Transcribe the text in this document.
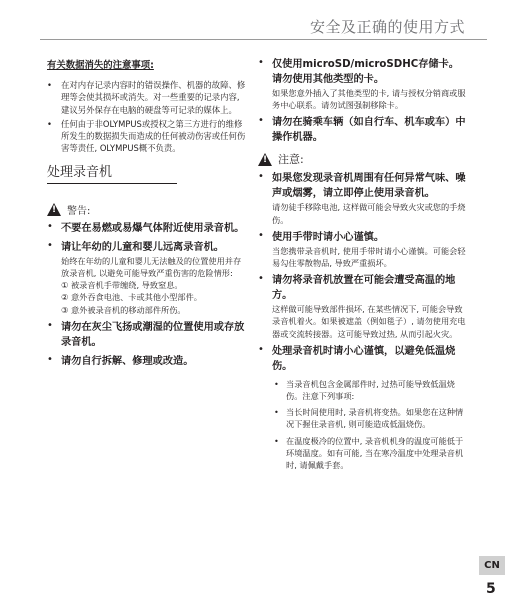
安全及正确的使用方式
有关数据消失的注意事项:
• 在对内存记录内容时的错误操作、机器的故障、修理等会使其损坏或消失。对一些重要的记录内容, 建议另外保存在电脑的硬盘等可记录的媒体上。
• 任何由于非OLYMPUS或授权之第三方进行的维修所发生的数据损失而造成的任何被动伤害或任何伤害等责任, OLYMPUS概不负责。
处理录音机
!
警告:
• 不要在易燃或易爆气体附近使用录音机。
• 请让年幼的儿童和婴儿远离录音机。
始终在年幼的儿童和婴儿无法触及的位置使用并存放录音机, 以避免可能导致严重伤害的危险情形:
① 被录音机手带缠绕, 导致窒息。
② 意外吞食电池、卡或其他小型部件。
③ 意外被录音机的移动部件所伤。
• 请勿在灰尘飞扬或潮湿的位置使用或存放录音机。
• 请勿自行拆解、修理或改造。
• 仅使用microSD/microSDHC存储卡。请勿使用其他类型的卡。
如果您意外插入了其他类型的卡, 请与授权分销商或服务中心联系。请勿试图强制移除卡。
• 请勿在骑乘车辆（如自行车、机车或车）中操作机器。
!
注意:
• 如果您发现录音机周围有任何异常气味、噪声或烟雾，请立即停止使用录音机。
请勿徒手移除电池, 这样做可能会导致火灾或您的手烧伤。
• 使用手带时请小心谨慎。
当您携带录音机时, 使用手带时请小心谨慎。可能会轻易勾住零散物品, 导致严重损坏。
• 请勿将录音机放置在可能会遭受高温的地方。
这样做可能导致部件损坏, 在某些情况下, 可能会导致录音机着火。如果被遮盖（例如毯子）, 请勿使用充电器或交流转接器。这可能导致过热, 从而引起火灾。
• 处理录音机时请小心谨慎，以避免低温烧伤。
• 当录音机包含金属部件时, 过热可能导致低温烧伤。注意下列事项:
• 当长时间使用时, 录音机将变热。如果您在这种情况下握住录音机, 则可能造成低温烧伤。
• 在温度极冷的位置中, 录音机机身的温度可能低于环境温度。如有可能, 当在寒冷温度中处理录音机时, 请佩戴手套。
CN
5
